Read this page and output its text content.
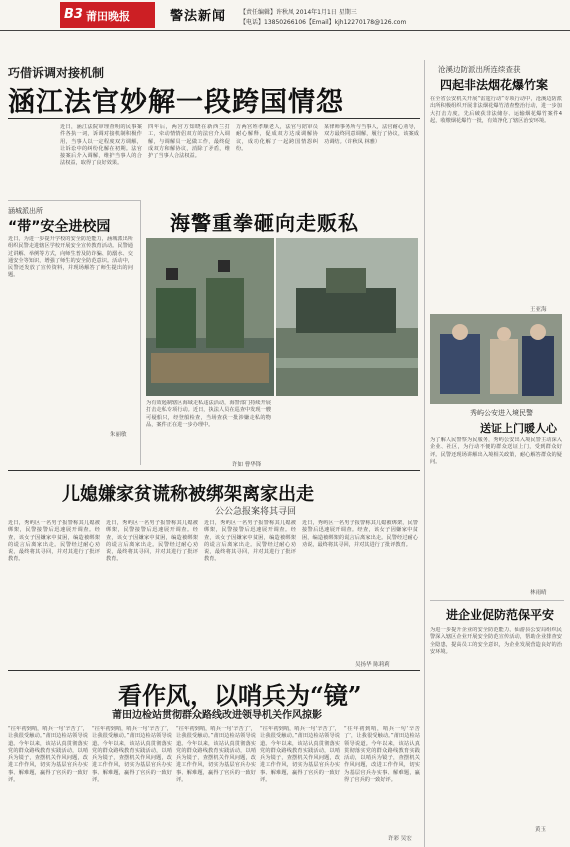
B3 莆田晚报	警法新闻 【责任编辑】许秋凤 2014年1月1日 星期三
【电话】13850266106【Email】kjh12270178@126.com
巧借诉调对接机制
涵江法官妙解一段跨国情怨
近日，涵江法院审理查明的民事案件各执一词，诉调对接机制积极作用，当事人以一定程度双方调解，让诉讼中的纠纷化解在初期。法官接案后介入调解，维护当事人的合法权益，取得了良好效果。
四年后，两宫方知晓在新西兰打工，牵动情情侣双方的法官介入调解，与调解员一起做工作，最终促成双方和解协议，消除了矛盾，维护了当事人合法权益。
万两宫姓孝顺老人，法官与陪审员耐心解释，促成双方达成调解协议，成功化解了一起跨国情怨纠纷。
某律师事务所与当事人，法官耐心劝导，双方最终同意调解，履行了协议，该案成功调结。（许秋凤 林雅）
涵城派出所
“带”安全进校园
近日，为进一步提升学校的安全防范能力，涵城派出所组织民警走进辖区学校开展安全宣传教育活动。民警通过讲解、举例等方式，向师生普及防诈骗、防溺水、交通安全等知识，增强了师生的安全防范意识。活动中，民警还发放了宣传资料，并现场解答了师生提出的问题。
朱丽敏
海警重拳砸向走贩私
为有效遏制辖区海域走私违法活动，海警部门持续开展打击走私专项行动。近日，执法人员在巡查中发现一艘可疑船只，经登船检查，当场查获一批涉嫌走私的物品，案件正在进一步办理中。
许如 曹华锋
沧溪边防派出所连续查获
四起非法烟花爆竹案
在全省公安机关开展“雷霆行动”专项行动中，沧溪边防派出所积极组织开展非法烟花爆竹清查整治行动，进一步加大打击力度，先后破获非法储存、运输烟花爆竹案件4起，收缴烟花爆竹一批，有效净化了辖区治安环境。
王亚海
秀屿公安进入境民警
送证上门暖人心
为了解人民警察为民服务，秀屿公安出入境民警主动深入企业、社区，为行动不便的群众送证上门，受到群众好评。民警还现场讲解出入境相关政策，耐心解答群众的疑问。
林雨晴
进企业促防范保平安
为进一步提升企业的安全防范能力，仙游县公安局组织民警深入辖区企业开展安全防范宣传活动，帮助企业排查安全隐患，提高员工的安全意识，为企业发展营造良好的治安环境。
黄玉
儿媳嫌家贫谎称被绑架离家出走
公公急报案将其寻回
近日，秀屿区一名男子报警称其儿媳被绑架，民警接警后迅速展开调查。经查，该女子因嫌家中贫困，编造被绑架的谎言后离家出走。民警经过耐心劝说，最终将其寻回，并对其进行了批评教育。
近日，秀屿区一名男子报警称其儿媳被绑架，民警接警后迅速展开调查。经查，该女子因嫌家中贫困，编造被绑架的谎言后离家出走。民警经过耐心劝说，最终将其寻回，并对其进行了批评教育。
近日，秀屿区一名男子报警称其儿媳被绑架，民警接警后迅速展开调查。经查，该女子因嫌家中贫困，编造被绑架的谎言后离家出走。民警经过耐心劝说，最终将其寻回，并对其进行了批评教育。
近日，秀屿区一名男子报警称其儿媳被绑架，民警接警后迅速展开调查。经查，该女子因嫌家中贫困，编造被绑架的谎言后离家出走。民警经过耐心劝说，最终将其寻回，并对其进行了批评教育。
吴扬华 陈莉莉
看作风，以哨兵为“镜”
莆田边检站贯彻群众路线改进领导机关作风掠影
“往年初到哨，哨兵一句‘辛苦了’，让我很受触动。”莆田边检站领导说道。今年以来，该站认真贯彻落实党的群众路线教育实践活动，以哨兵为镜子，查摆机关作风问题，改进工作作风，切实为基层官兵办实事、解难题，赢得了官兵的一致好评。
“往年初到哨，哨兵一句‘辛苦了’，让我很受触动。”莆田边检站领导说道。今年以来，该站认真贯彻落实党的群众路线教育实践活动，以哨兵为镜子，查摆机关作风问题，改进工作作风，切实为基层官兵办实事、解难题，赢得了官兵的一致好评。
“往年初到哨，哨兵一句‘辛苦了’，让我很受触动。”莆田边检站领导说道。今年以来，该站认真贯彻落实党的群众路线教育实践活动，以哨兵为镜子，查摆机关作风问题，改进工作作风，切实为基层官兵办实事、解难题，赢得了官兵的一致好评。
“往年初到哨，哨兵一句‘辛苦了’，让我很受触动。”莆田边检站领导说道。今年以来，该站认真贯彻落实党的群众路线教育实践活动，以哨兵为镜子，查摆机关作风问题，改进工作作风，切实为基层官兵办实事、解难题，赢得了官兵的一致好评。
“往年初到哨，哨兵一句‘辛苦了’，让我很受触动。”莆田边检站领导说道。今年以来，该站认真贯彻落实党的群众路线教育实践活动，以哨兵为镜子，查摆机关作风问题，改进工作作风，切实为基层官兵办实事、解难题，赢得了官兵的一致好评。
许彩 吴宏
